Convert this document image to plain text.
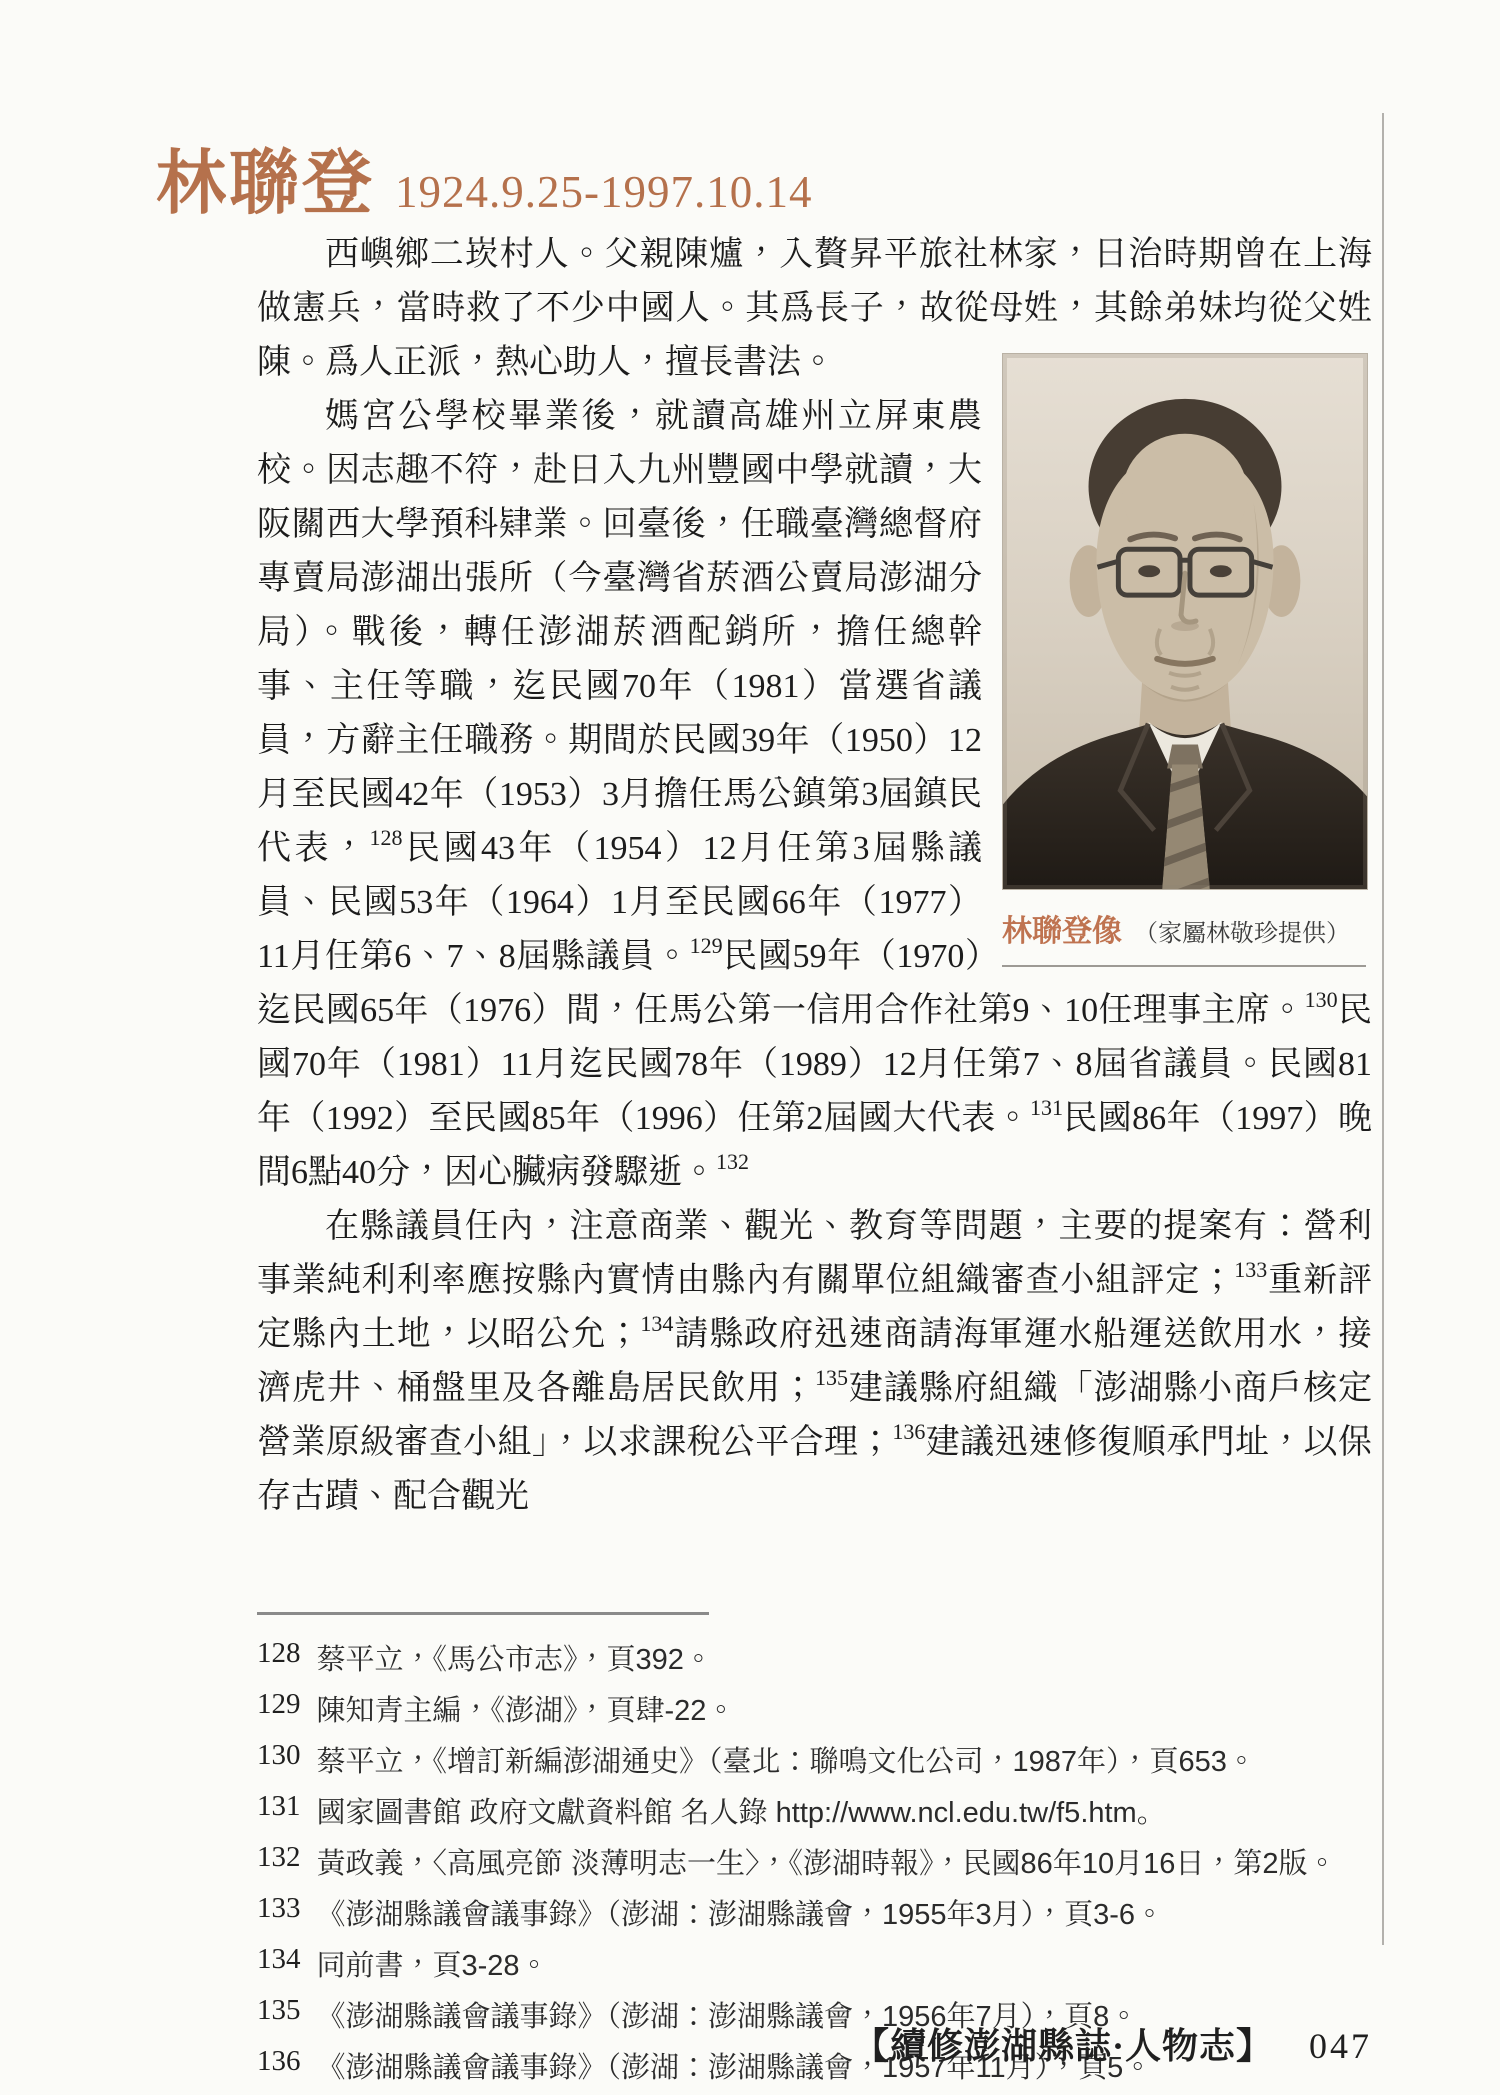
林聯登 1924.9.25-1997.10.14

西嶼鄉二崁村人。父親陳爐，入贅昇平旅社林家，日治時期曾在上海做憲兵，當時救了不少中國人。其爲長子，故從母姓，其餘弟妹均從父姓陳。爲人正派，熱心助人，擅長書法。

媽宮公學校畢業後，就讀高雄州立屏東農校。因志趣不符，赴日入九州豐國中學就讀，大阪關西大學預科肄業。回臺後，任職臺灣總督府專賣局澎湖出張所（今臺灣省菸酒公賣局澎湖分局）。戰後，轉任澎湖菸酒配銷所，擔任總幹事、主任等職，迄民國70年（1981）當選省議員，方辭主任職務。期間於民國39年（1950）12月至民國42年（1953）3月擔任馬公鎮第3屆鎮民代表，$^{128}$民國43年（1954）12月任第3屆縣議員、民國53年（1964）1月至民國66年（1977）11月任第6、7、8屆縣議員。$^{129}$民國59年（1970）迄民國65年（1976）間，任馬公第一信用合作社第9、10任理事主席。$^{130}$民國70年（1981）11月迄民國78年（1989）12月任第7、8屆省議員。民國81年（1992）至民國85年（1996）任第2屆國大代表。$^{131}$民國86年（1997）晚間6點40分，因心臟病發驟逝。$^{132}$

在縣議員任內，注意商業、觀光、教育等問題，主要的提案有：營利事業純利利率應按縣內實情由縣內有關單位組織審查小組評定；$^{133}$重新評定縣內土地，以昭公允；$^{134}$請縣政府迅速商請海軍運水船運送飲用水，接濟虎井、桶盤里及各離島居民飲用；$^{135}$建議縣府組織「澎湖縣小商戶核定營業原級審查小組」，以求課稅公平合理；$^{136}$建議迅速修復順承門址，以保存古蹟、配合觀光

林聯登像 （家屬林敬珍提供）
128 蔡平立，《馬公市志》，頁392。
129 陳知青主編，《澎湖》，頁肆-22。
130 蔡平立，《增訂新編澎湖通史》（臺北：聯鳴文化公司，1987年），頁653。
131 國家圖書館 政府文獻資料館 名人錄 http://www.ncl.edu.tw/f5.htm。
132 黃政義，〈高風亮節 淡薄明志一生〉，《澎湖時報》，民國86年10月16日，第2版。
133 《澎湖縣議會議事錄》（澎湖：澎湖縣議會，1955年3月），頁3-6。
134 同前書，頁3-28。
135 《澎湖縣議會議事錄》（澎湖：澎湖縣議會，1956年7月），頁8。
136 《澎湖縣議會議事錄》（澎湖：澎湖縣議會，1957年11月），頁5。
【續修澎湖縣誌·人物志】 047
